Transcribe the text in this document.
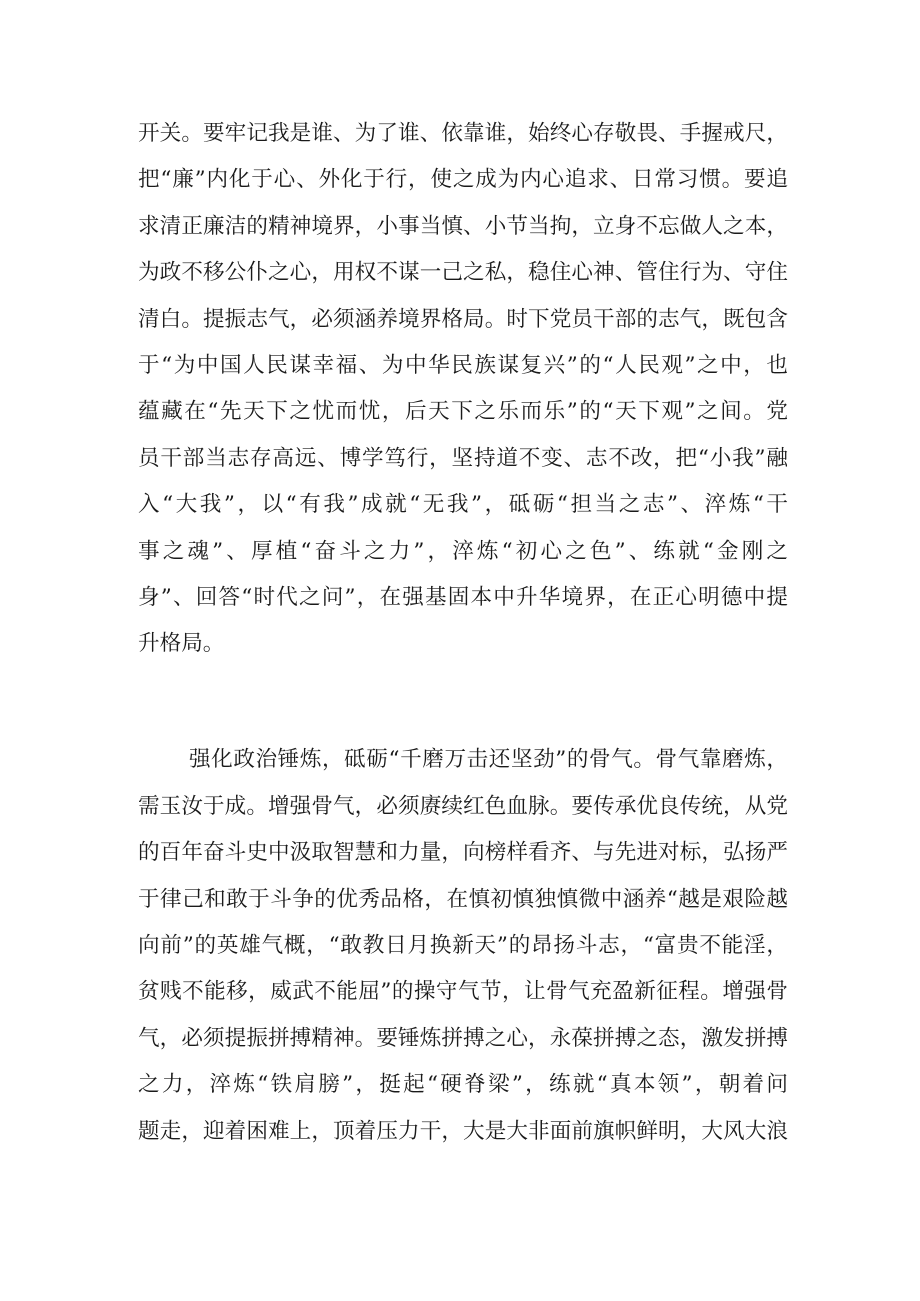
开关。要牢记我是谁、为了谁、依靠谁，始终心存敬畏、手握戒尺，
把“廉”内化于心、外化于行，使之成为内心追求、日常习惯。要追
求清正廉洁的精神境界，小事当慎、小节当拘，立身不忘做人之本，
为政不移公仆之心，用权不谋一己之私，稳住心神、管住行为、守住
清白。提振志气，必须涵养境界格局。时下党员干部的志气，既包含
于“为中国人民谋幸福、为中华民族谋复兴”的“人民观”之中，也
蕴藏在“先天下之忧而忧，后天下之乐而乐”的“天下观”之间。党
员干部当志存高远、博学笃行，坚持道不变、志不改，把“小我”融
入“大我”，以“有我”成就“无我”，砥砺“担当之志”、淬炼“干
事之魂”、厚植“奋斗之力”，淬炼“初心之色”、练就“金刚之
身”、回答“时代之问”，在强基固本中升华境界，在正心明德中提
升格局。
强化政治锤炼，砥砺“千磨万击还坚劲”的骨气。骨气靠磨炼，
需玉汝于成。增强骨气，必须赓续红色血脉。要传承优良传统，从党
的百年奋斗史中汲取智慧和力量，向榜样看齐、与先进对标，弘扬严
于律己和敢于斗争的优秀品格，在慎初慎独慎微中涵养“越是艰险越
向前”的英雄气概，“敢教日月换新天”的昂扬斗志，“富贵不能淫，
贫贱不能移，威武不能屈”的操守气节，让骨气充盈新征程。增强骨
气，必须提振拼搏精神。要锤炼拼搏之心，永葆拼搏之态，激发拼搏
之力，淬炼“铁肩膀”，挺起“硬脊梁”，练就“真本领”，朝着问
题走，迎着困难上，顶着压力干，大是大非面前旗帜鲜明，大风大浪
